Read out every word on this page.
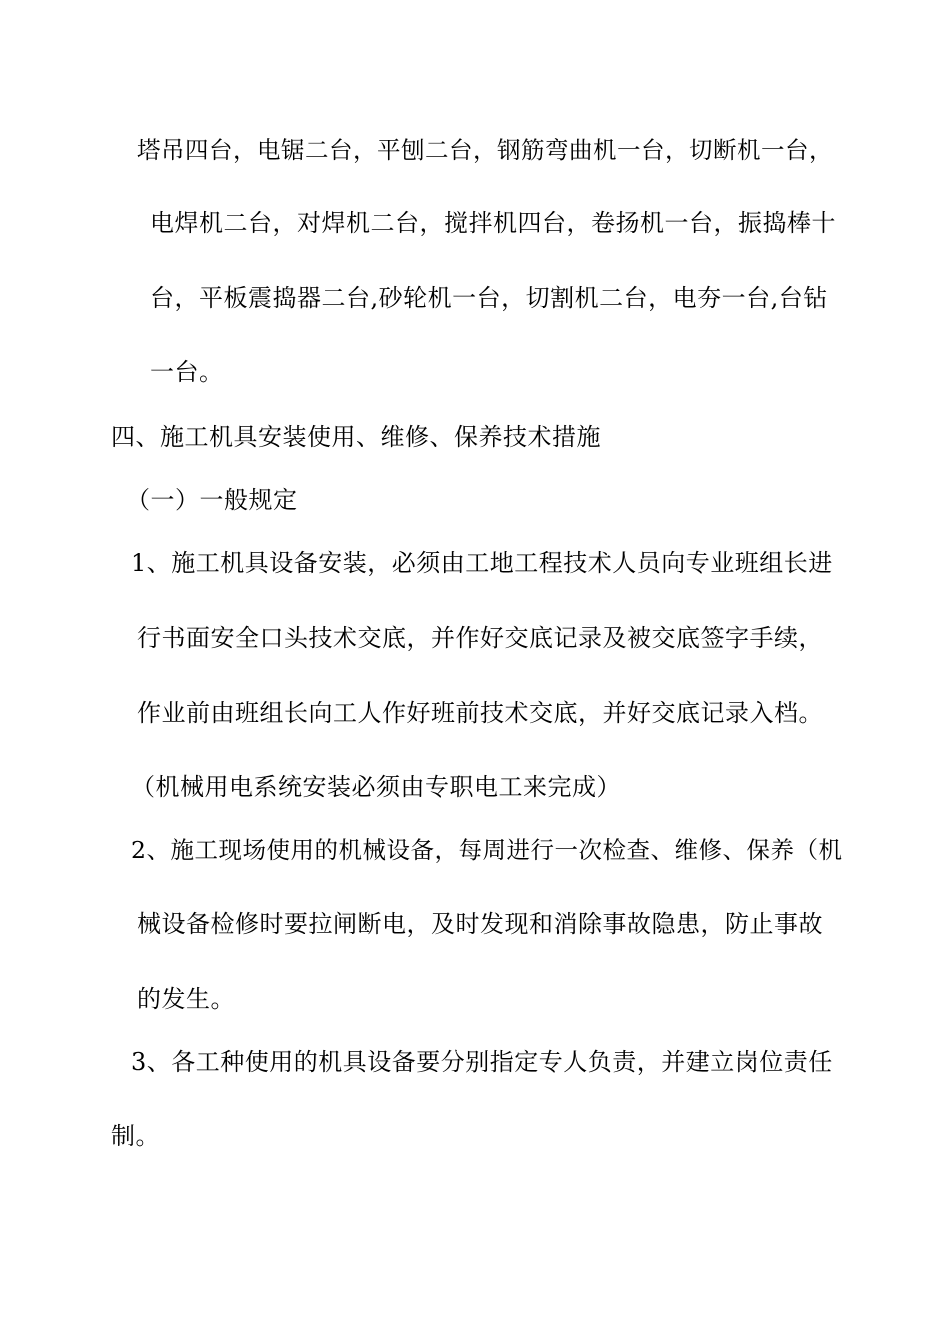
塔吊四台，电锯二台，平刨二台，钢筋弯曲机一台，切断机一台，
电焊机二台，对焊机二台，搅拌机四台，卷扬机一台，振捣棒十
台，平板震捣器二台,砂轮机一台，切割机二台，电夯一台,台钻
一台。
四、施工机具安装使用、维修、保养技术措施
（一）一般规定
1、施工机具设备安装，必须由工地工程技术人员向专业班组长进
行书面安全口头技术交底，并作好交底记录及被交底签字手续，
作业前由班组长向工人作好班前技术交底，并好交底记录入档。
（机械用电系统安装必须由专职电工来完成）
2、施工现场使用的机械设备，每周进行一次检查、维修、保养（机
械设备检修时要拉闸断电，及时发现和消除事故隐患，防止事故
的发生。
3、各工种使用的机具设备要分别指定专人负责，并建立岗位责任
制。
